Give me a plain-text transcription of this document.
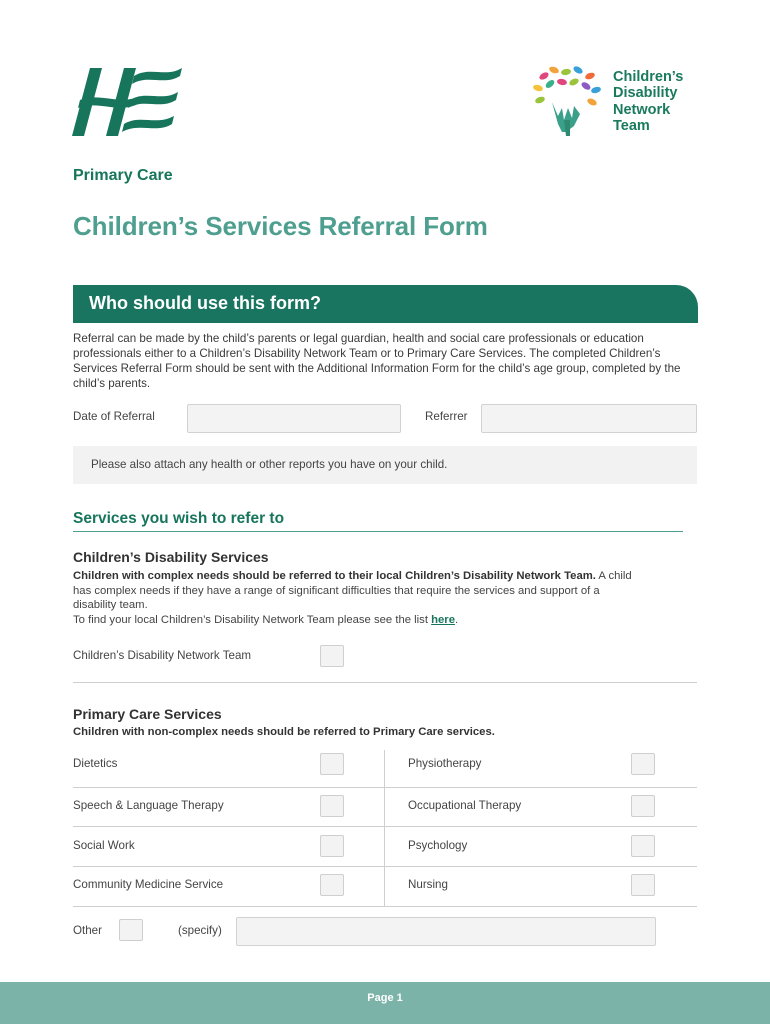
Children’s
Disability
Network
Team
Primary Care
Children’s Services Referral Form
Who should use this form?
Referral can be made by the child’s parents or legal guardian, health and social care professionals or education professionals either to a Children’s Disability Network Team or to Primary Care Services. The completed Children’s Services Referral Form should be sent with the Additional Information Form for the child’s age group, completed by the child’s parents.
Date of Referral	Referrer
Please also attach any health or other reports you have on your child.
Services you wish to refer to
Children’s Disability Services
Children with complex needs should be referred to their local Children’s Disability Network Team. A child has complex needs if they have a range of significant difficulties that require the services and support of a disability team.
To find your local Children’s Disability Network Team please see the list here.
Children’s Disability Network Team
Primary Care Services
Children with non-complex needs should be referred to Primary Care services.
Dietetics	Physiotherapy
Speech & Language Therapy	Occupational Therapy
Social Work	Psychology
Community Medicine Service	Nursing
Other	(specify)
Page 1
